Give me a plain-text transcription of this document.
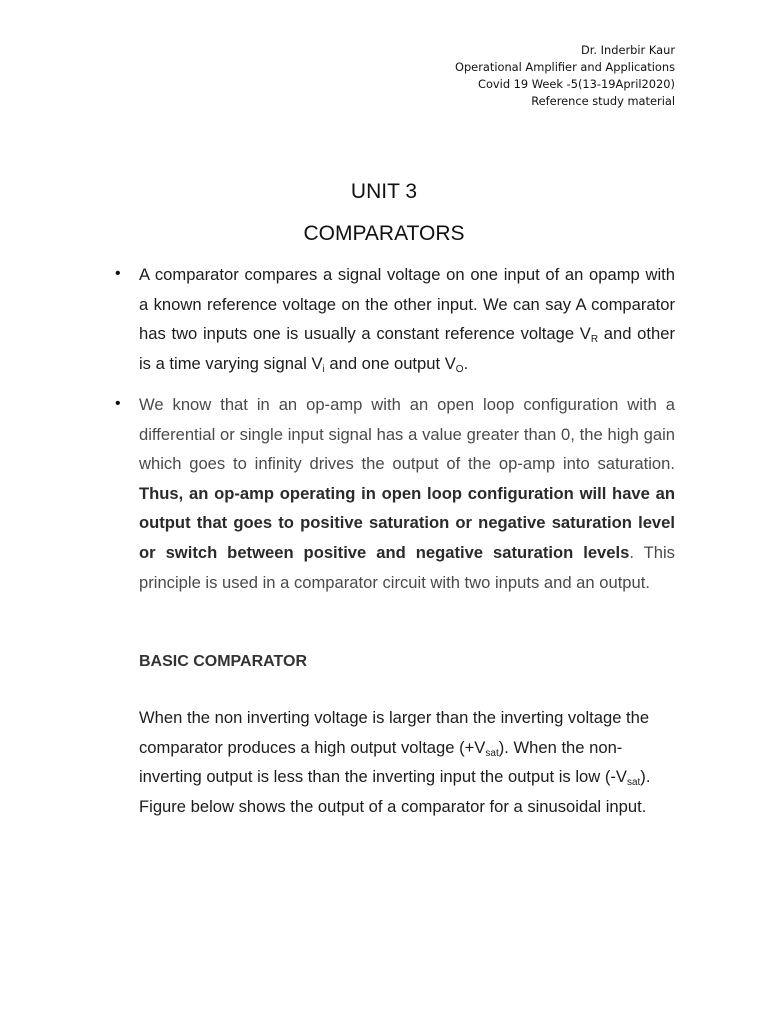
Dr. Inderbir Kaur
Operational Amplifier and Applications
Covid 19 Week -5(13-19April2020)
Reference study material
UNIT 3
COMPARATORS
• A comparator compares a signal voltage on one input of an opamp with a known reference voltage on the other input. We can say A comparator has two inputs one is usually a constant reference voltage $V_R$ and other is a time varying signal $V_i$ and one output $V_O$.
• We know that in an op-amp with an open loop configuration with a differential or single input signal has a value greater than 0, the high gain which goes to infinity drives the output of the op-amp into saturation. Thus, an op-amp operating in open loop configuration will have an output that goes to positive saturation or negative saturation level or switch between positive and negative saturation levels. This principle is used in a comparator circuit with two inputs and an output.
BASIC COMPARATOR
When the non inverting voltage is larger than the inverting voltage the comparator produces a high output voltage $(+V_{sat})$. When the non-inverting output is less than the inverting input the output is low $(-V_{sat})$. Figure below shows the output of a comparator for a sinusoidal input.
